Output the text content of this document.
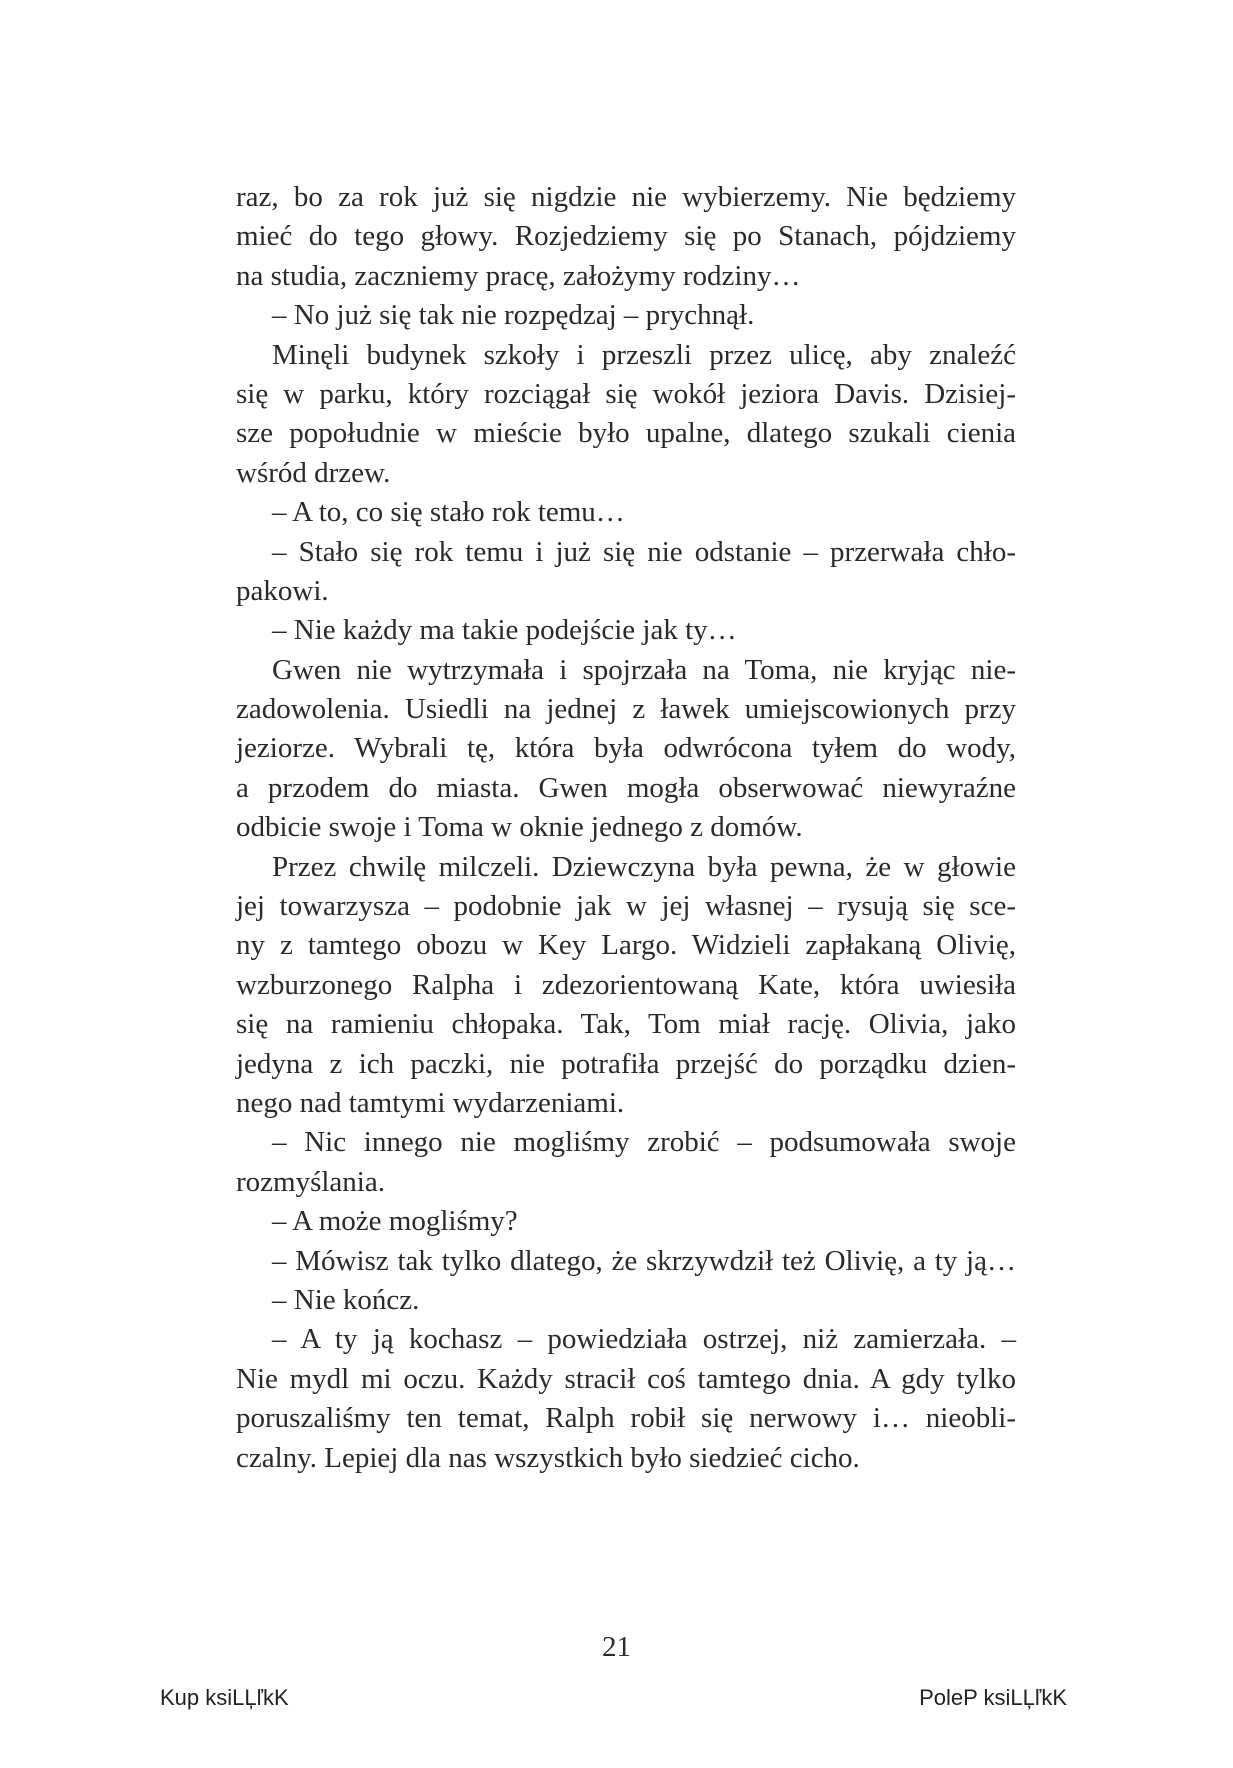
raz, bo za rok już się nigdzie nie wybierzemy. Nie będziemy
mieć do tego głowy. Rozjedziemy się po Stanach, pójdziemy
na studia, zaczniemy pracę, założymy rodziny…
– No już się tak nie rozpędzaj – prychnął.
Minęli budynek szkoły i przeszli przez ulicę, aby znaleźć
się w parku, który rozciągał się wokół jeziora Davis. Dzisiej-
sze popołudnie w mieście było upalne, dlatego szukali cienia
wśród drzew.
– A to, co się stało rok temu…
– Stało się rok temu i już się nie odstanie – przerwała chło-
pakowi.
– Nie każdy ma takie podejście jak ty…
Gwen nie wytrzymała i spojrzała na Toma, nie kryjąc nie-
zadowolenia. Usiedli na jednej z ławek umiejscowionych przy
jeziorze. Wybrali tę, która była odwrócona tyłem do wody,
a przodem do miasta. Gwen mogła obserwować niewyraźne
odbicie swoje i Toma w oknie jednego z domów.
Przez chwilę milczeli. Dziewczyna była pewna, że w głowie
jej towarzysza – podobnie jak w jej własnej – rysują się sce-
ny z tamtego obozu w Key Largo. Widzieli zapłakaną Olivię,
wzburzonego Ralpha i zdezorientowaną Kate, która uwiesiła
się na ramieniu chłopaka. Tak, Tom miał rację. Olivia, jako
jedyna z ich paczki, nie potrafiła przejść do porządku dzien-
nego nad tamtymi wydarzeniami.
– Nic innego nie mogliśmy zrobić – podsumowała swoje
rozmyślania.
– A może mogliśmy?
– Mówisz tak tylko dlatego, że skrzywdził też Olivię, a ty ją…
– Nie kończ.
– A ty ją kochasz – powiedziała ostrzej, niż zamierzała. –
Nie mydl mi oczu. Każdy stracił coś tamtego dnia. A gdy tylko
poruszaliśmy ten temat, Ralph robił się nerwowy i… nieobli-
czalny. Lepiej dla nas wszystkich było siedzieć cicho.
21
Kup ksiLĻľkK	PoleP ksiLĻľkK
